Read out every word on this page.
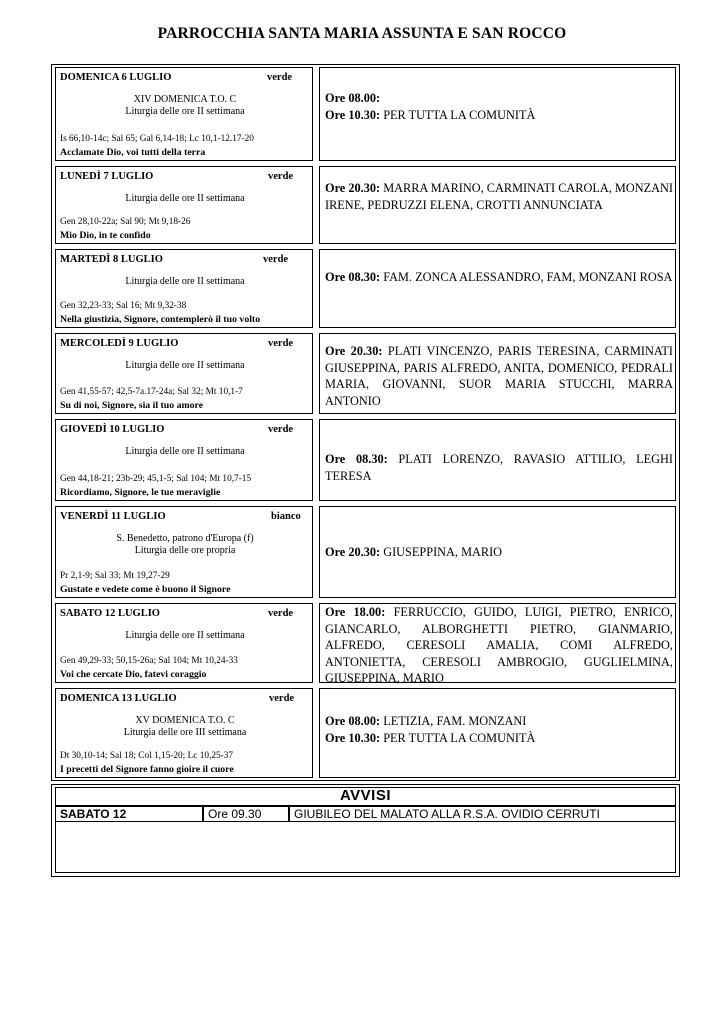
PARROCCHIA SANTA MARIA ASSUNTA E SAN ROCCO
DOMENICA 6 LUGLIO	verde
XIV DOMENICA T.O. C
Liturgia delle ore II settimana
Is 66,10-14c; Sal 65; Gal 6,14-18; Lc 10,1-12.17-20
Acclamate Dio, voi tutti della terra
Ore 08.00:
Ore 10.30: PER TUTTA LA COMUNITÀ
LUNEDÌ 7 LUGLIO	verde
Liturgia delle ore II settimana
Gen 28,10-22a; Sal 90; Mt 9,18-26
Mio Dio, in te confido
Ore 20.30: MARRA MARINO, CARMINATI CAROLA, MONZANI IRENE, PEDRUZZI ELENA, CROTTI ANNUNCIATA
MARTEDÌ 8 LUGLIO	verde
Liturgia delle ore II settimana
Gen 32,23-33; Sal 16; Mt 9,32-38
Nella giustizia, Signore, contemplerò il tuo volto
Ore 08.30: FAM. ZONCA ALESSANDRO, FAM, MONZANI ROSA
MERCOLEDÌ 9 LUGLIO	verde
Liturgia delle ore II settimana
Gen 41,55-57; 42,5-7a.17-24a; Sal 32; Mt 10,1-7
Su di noi, Signore, sia il tuo amore
Ore 20.30: PLATI VINCENZO, PARIS TERESINA, CARMINATI GIUSEPPINA, PARIS ALFREDO, ANITA, DOMENICO, PEDRALI MARIA, GIOVANNI, SUOR MARIA STUCCHI, MARRA ANTONIO
GIOVEDÌ 10 LUGLIO	verde
Liturgia delle ore II settimana
Gen 44,18-21; 23b-29; 45,1-5; Sal 104; Mt 10,7-15
Ricordiamo, Signore, le tue meraviglie
Ore 08.30: PLATI LORENZO, RAVASIO ATTILIO, LEGHI TERESA
VENERDÌ 11 LUGLIO	bianco
S. Benedetto, patrono d'Europa (f)
Liturgia delle ore propria
Pr 2,1-9; Sal 33; Mt 19,27-29
Gustate e vedete come è buono il Signore
Ore 20.30: GIUSEPPINA, MARIO
SABATO 12 LUGLIO	verde
Liturgia delle ore II settimana
Gen 49,29-33; 50,15-26a; Sal 104; Mt 10,24-33
Voi che cercate Dio, fatevi coraggio
Ore 18.00: FERRUCCIO, GUIDO, LUIGI, PIETRO, ENRICO, GIANCARLO, ALBORGHETTI PIETRO, GIANMARIO, ALFREDO, CERESOLI AMALIA, COMI ALFREDO, ANTONIETTA, CERESOLI AMBROGIO, GUGLIELMINA, GIUSEPPINA, MARIO
DOMENICA 13 LUGLIO	verde
XV DOMENICA T.O. C
Liturgia delle ore III settimana
Dt 30,10-14; Sal 18; Col 1,15-20; Lc 10,25-37
I precetti del Signore fanno gioire il cuore
Ore 08.00: LETIZIA, FAM. MONZANI
Ore 10.30: PER TUTTA LA COMUNITÀ
AVVISI
SABATO 12	Ore 09.30	GIUBILEO DEL MALATO ALLA R.S.A. OVIDIO CERRUTI
